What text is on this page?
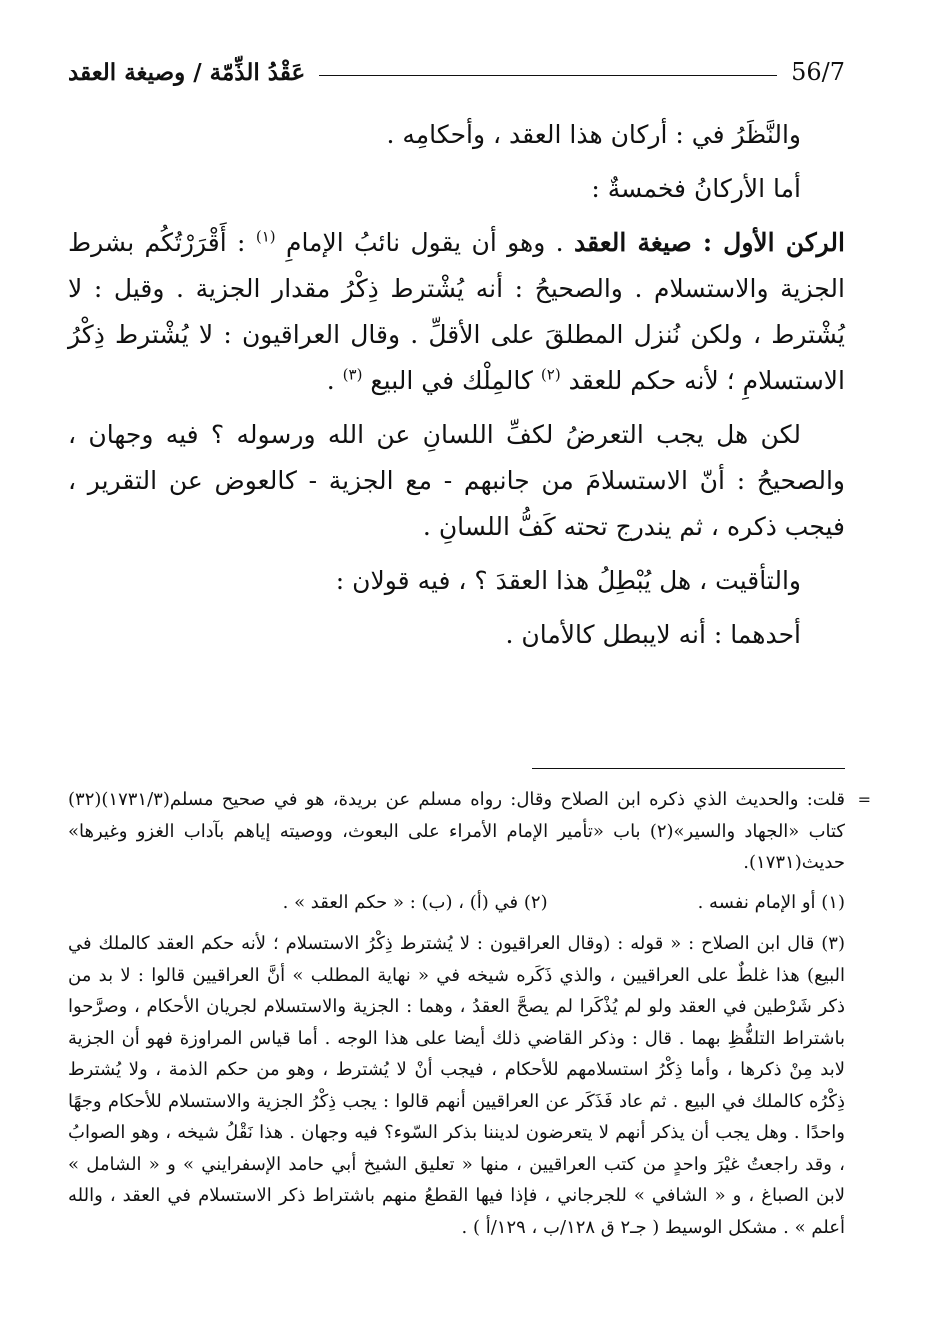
56/7
عَقْدُ الذِّمّة / وصيغة العقد

والنَّظَرُ في : أركان هذا العقد ، وأحكامِه .

أما الأركانُ فخمسةٌ :

الركن الأول : صيغة العقد . وهو أن يقول نائبُ الإمامِ $^{(١)}$ : أَقْرَرْتُكُم بشرط الجزية والاستسلام . والصحيحُ : أنه يُشْترط ذِكْرُ مقدار الجزية . وقيل : لا يُشْترط ، ولكن نُنزل المطلقَ على الأقلِّ . وقال العراقيون : لا يُشْترط ذِكْرُ الاستسلامِ ؛ لأنه حكم للعقد $^{(٢)}$ كالمِلْك في البيع $^{(٣)}$ .

لكن هل يجب التعرضُ لكفِّ اللسانِ عن الله ورسوله ؟ فيه وجهان ، والصحيحُ : أنّ الاستسلامَ من جانبهم - مع الجزية - كالعوض عن التقرير ، فيجب ذكره ، ثم يندرج تحته كَفُّ اللسانِ .

والتأقيت ، هل يُبْطِلُ هذا العقدَ ؟ ، فيه قولان :

أحدهما : أنه لايبطل كالأمان .

=

قلت: والحديث الذي ذكره ابن الصلاح وقال: رواه مسلم عن بريدة، هو في صحيح مسلم(١٧٣١/٣)(٣٢) كتاب «الجهاد والسير»(٢) باب «تأمير الإمام الأمراء على البعوث، ووصيته إياهم بآداب الغزو وغيرها» حديث(١٧٣١).

(١) أو الإمام نفسه .
(٢) في (أ) ، (ب) : « حكم العقد » .

(٣) قال ابن الصلاح : « قوله : (وقال العراقيون : لا يُشترط ذِكْرُ الاستسلام ؛ لأنه حكم العقد كالملك في البيع) هذا غلطٌ على العراقيين ، والذي ذَكَره شيخه في « نهاية المطلب » أنَّ العراقيين قالوا : لا بد من ذكر شَرْطين في العقد ولو لم يُذْكَرا لم يصحَّ العقدُ ، وهما : الجزية والاستسلام لجريان الأحكام ، وصرَّحوا باشتراط التلفُّظِ بهما . قال : وذكر القاضي ذلك أيضا على هذا الوجه . أما قياس المراوزة فهو أن الجزية لابد مِنْ ذكرها ، وأما ذِكْرُ استسلامهم للأحكام ، فيجب أنْ لا يُشترط ، وهو من حكم الذمة ، ولا يُشترط ذِكْرُه كالملك في البيع . ثم عاد فَذَكَر عن العراقيين أنهم قالوا : يجب ذِكْرُ الجزية والاستسلام للأحكام وجهًا واحدًا . وهل يجب أن يذكر أنهم لا يتعرضون لديننا بذكر السّوء؟ فيه وجهان . هذا نَقْلُ شيخه ، وهو الصوابُ ، وقد راجعتُ غيْرَ واحدٍ من كتب العراقيين ، منها « تعليق الشيخ أبي حامد الإسفرايني » و « الشامل » لابن الصباغ ، و « الشافي » للجرجاني ، فإذا فيها القطعُ منهم باشتراط ذكر الاستسلام في العقد ، والله أعلم » . مشكل الوسيط ( جـ٢ ق ١٢٨/ب ، ١٢٩/أ ) .
